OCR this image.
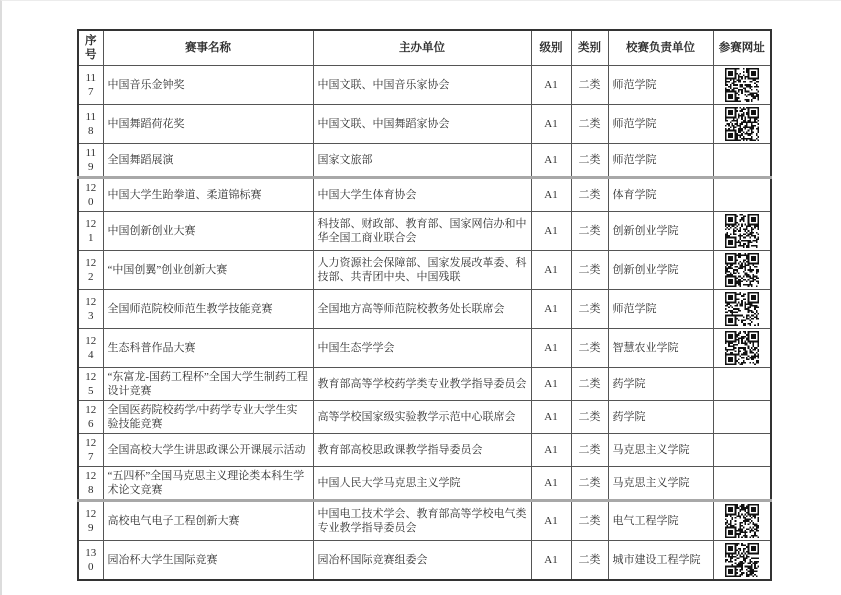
序号	赛事名称	主办单位	级别	类别	校赛负责单位	参赛网址
117	中国音乐金钟奖	中国文联、中国音乐家协会	A1	二类	师范学院	

118	中国舞蹈荷花奖	中国文联、中国舞蹈家协会	A1	二类	师范学院	

119	全国舞蹈展演	国家文旅部	A1	二类	师范学院	
120	中国大学生跆拳道、柔道锦标赛	中国大学生体育协会	A1	二类	体育学院	
121	中国创新创业大赛	科技部、财政部、教育部、国家网信办和中华全国工商业联合会	A1	二类	创新创业学院	

122	“中国创翼”创业创新大赛	人力资源社会保障部、国家发展改革委、科技部、共青团中央、中国残联	A1	二类	创新创业学院	

123	全国师范院校师范生教学技能竞赛	全国地方高等师范院校教务处长联席会	A1	二类	师范学院	

124	生态科普作品大赛	中国生态学学会	A1	二类	智慧农业学院	

125	“东富龙-国药工程杯”全国大学生制药工程设计竞赛	教育部高等学校药学类专业教学指导委员会	A1	二类	药学院	
126	全国医药院校药学/中药学专业大学生实验技能竞赛	高等学校国家级实验教学示范中心联席会	A1	二类	药学院	
127	全国高校大学生讲思政课公开课展示活动	教育部高校思政课教学指导委员会	A1	二类	马克思主义学院	
128	“五四杯”全国马克思主义理论类本科生学术论文竞赛	中国人民大学马克思主义学院	A1	二类	马克思主义学院	
129	高校电气电子工程创新大赛	中国电工技术学会、教育部高等学校电气类专业教学指导委员会	A1	二类	电气工程学院	

130	园冶杯大学生国际竞赛	园冶杯国际竞赛组委会	A1	二类	城市建设工程学院	
